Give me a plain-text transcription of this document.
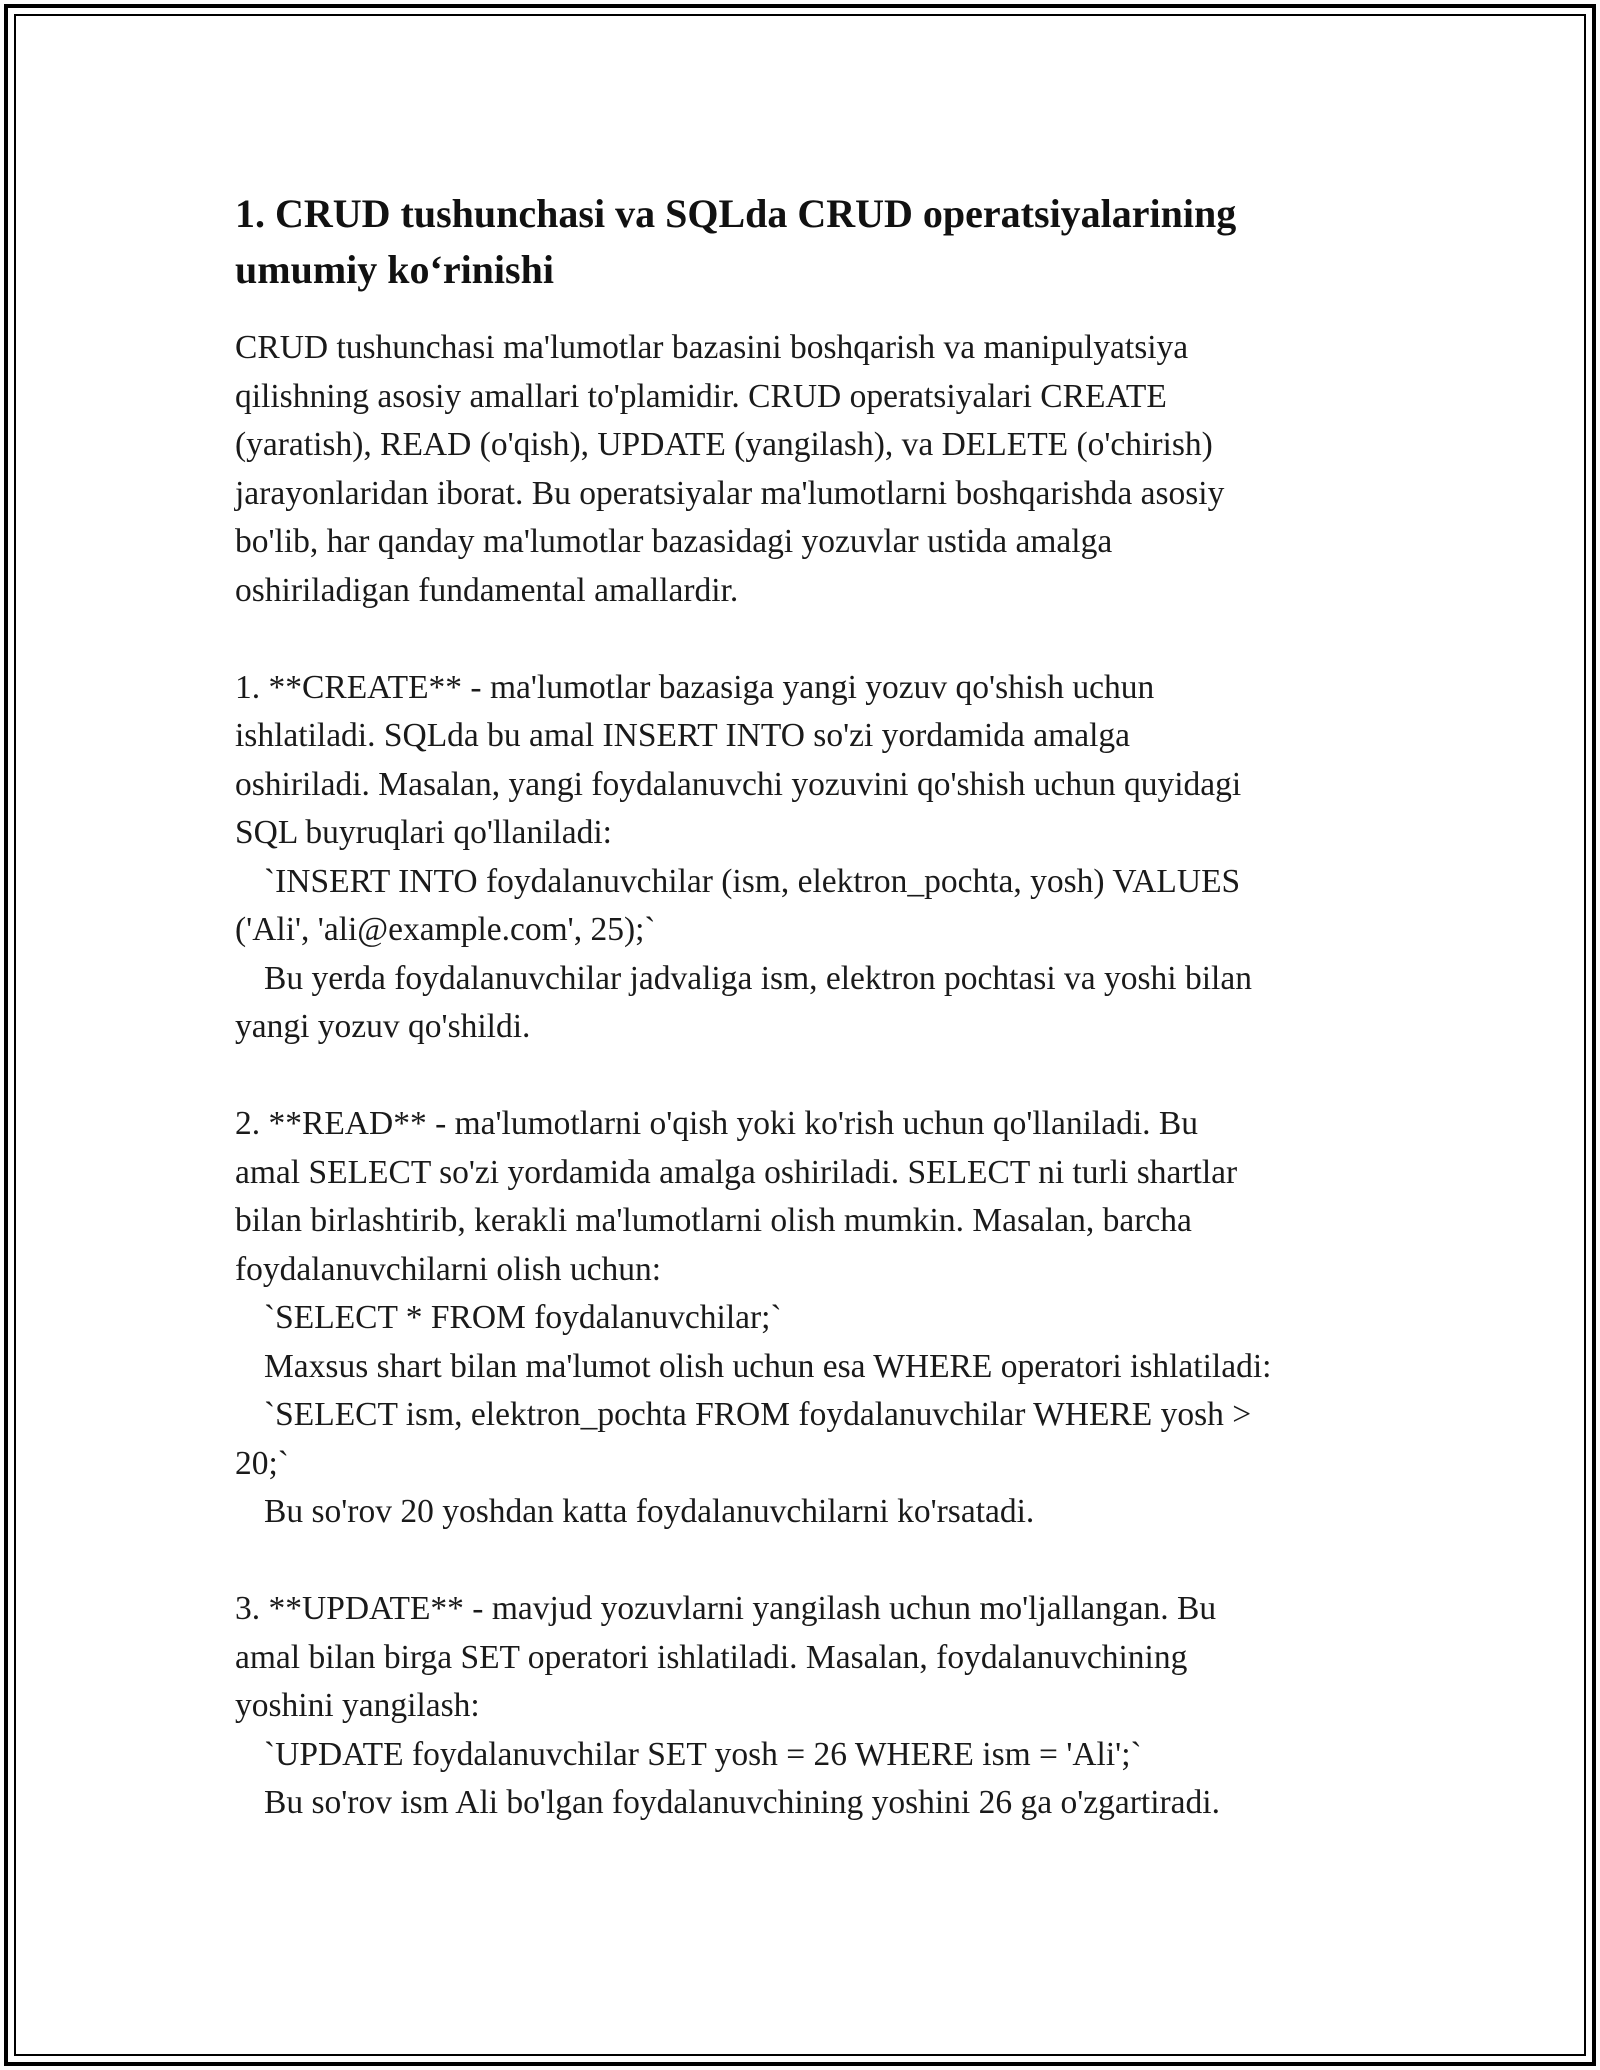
1. CRUD tushunchasi va SQLda CRUD operatsiyalarining
umumiy ko‘rinishi
CRUD tushunchasi ma'lumotlar bazasini boshqarish va manipulyatsiya
qilishning asosiy amallari to'plamidir. CRUD operatsiyalari CREATE
(yaratish), READ (o'qish), UPDATE (yangilash), va DELETE (o'chirish)
jarayonlaridan iborat. Bu operatsiyalar ma'lumotlarni boshqarishda asosiy
bo'lib, har qanday ma'lumotlar bazasidagi yozuvlar ustida amalga
oshiriladigan fundamental amallardir.
1. **CREATE** - ma'lumotlar bazasiga yangi yozuv qo'shish uchun
ishlatiladi. SQLda bu amal INSERT INTO so'zi yordamida amalga
oshiriladi. Masalan, yangi foydalanuvchi yozuvini qo'shish uchun quyidagi
SQL buyruqlari qo'llaniladi:
`INSERT INTO foydalanuvchilar (ism, elektron_pochta, yosh) VALUES
('Ali', 'ali@example.com', 25);`
Bu yerda foydalanuvchilar jadvaliga ism, elektron pochtasi va yoshi bilan
yangi yozuv qo'shildi.
2. **READ** - ma'lumotlarni o'qish yoki ko'rish uchun qo'llaniladi. Bu
amal SELECT so'zi yordamida amalga oshiriladi. SELECT ni turli shartlar
bilan birlashtirib, kerakli ma'lumotlarni olish mumkin. Masalan, barcha
foydalanuvchilarni olish uchun:
`SELECT * FROM foydalanuvchilar;`
Maxsus shart bilan ma'lumot olish uchun esa WHERE operatori ishlatiladi:
`SELECT ism, elektron_pochta FROM foydalanuvchilar WHERE yosh >
20;`
Bu so'rov 20 yoshdan katta foydalanuvchilarni ko'rsatadi.
3. **UPDATE** - mavjud yozuvlarni yangilash uchun mo'ljallangan. Bu
amal bilan birga SET operatori ishlatiladi. Masalan, foydalanuvchining
yoshini yangilash:
`UPDATE foydalanuvchilar SET yosh = 26 WHERE ism = 'Ali';`
Bu so'rov ism Ali bo'lgan foydalanuvchining yoshini 26 ga o'zgartiradi.
